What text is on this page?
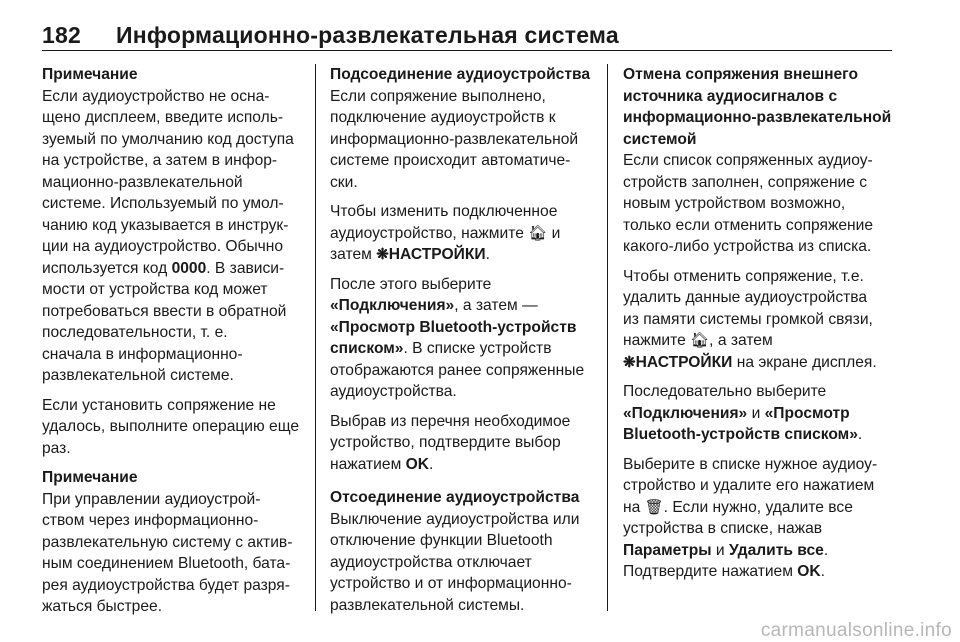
182 Информационно-развлекательная система
Примечание
Если аудиоустройство не осна-
щено дисплеем, введите исполь-
зуемый по умолчанию код доступа
на устройстве, а затем в инфор-
мационно-развлекательной
системе. Используемый по умол-
чанию код указывается в инструк-
ции на аудиоустройство. Обычно
используется код 0000. В зависи-
мости от устройства код может
потребоваться ввести в обратной
последовательности, т. е.
сначала в информационно-
развлекательной системе.
Если установить сопряжение не
удалось, выполните операцию еще
раз.
Примечание
При управлении аудиоустрой-
ством через информационно-
развлекательную систему с актив-
ным соединением Bluetooth, бата-
рея аудиоустройства будет разря-
жаться быстрее.
Подсоединение аудиоустройства
Если сопряжение выполнено,
подключение аудиоустройств к
информационно-развлекательной
системе происходит автоматиче-
ски.
Чтобы изменить подключенное
аудиоустройство, нажмите 🏠︎ и
затем ❋НАСТРОЙКИ.
После этого выберите
«Подключения», а затем —
«Просмотр Bluetooth-устройств
списком». В списке устройств
отображаются ранее сопряженные
аудиоустройства.
Выбрав из перечня необходимое
устройство, подтвердите выбор
нажатием OK.
Отсоединение аудиоустройства
Выключение аудиоустройства или
отключение функции Bluetooth
аудиоустройства отключает
устройство и от информационно-
развлекательной системы.
Отмена сопряжения внешнего
источника аудиосигналов с
информационно-развлекательной
системой
Если список сопряженных аудиоу-
стройств заполнен, сопряжение с
новым устройством возможно,
только если отменить сопряжение
какого-либо устройства из списка.
Чтобы отменить сопряжение, т.е.
удалить данные аудиоустройства
из памяти системы громкой связи,
нажмите 🏠︎, а затем
❋НАСТРОЙКИ на экране дисплея.
Последовательно выберите
«Подключения» и «Просмотр
Bluetooth-устройств списком».
Выберите в списке нужное аудиоу-
стройство и удалите его нажатием
на 🗑︎. Если нужно, удалите все
устройства в списке, нажав
Параметры и Удалить все.
Подтвердите нажатием OK.
carmanualsonline.info
